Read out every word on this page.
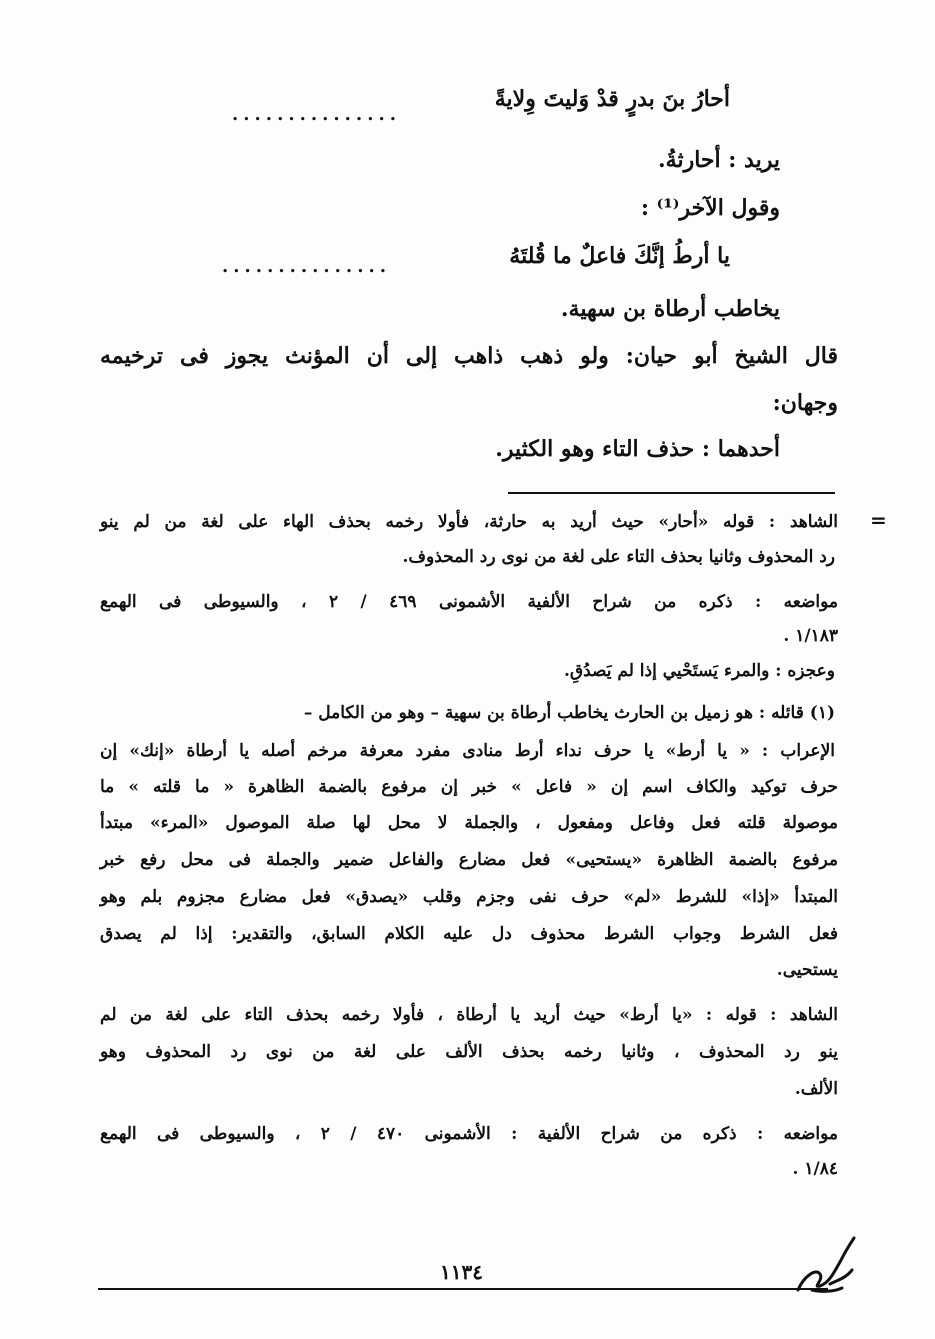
أحارُ بنَ بدرٍ قدْ وَليتَ وِلايةً
...............
يريد : أحارثةُ.
وقول الآخر⁽¹⁾ :
يا أرطُ إنَّكَ فاعلٌ ما قُلتَهُ
...............
يخاطب أرطاة بن سهية.
قال الشيخ أبو حيان: ولو ذهب ذاهب إلى أن المؤنث يجوز فى ترخيمه
وجهان:
أحدهما : حذف التاء وهو الكثير.
=
الشاهد : قوله «أحار» حيث أريد به حارثة، فأولا رخمه بحذف الهاء على لغة من لم ينو
رد المحذوف وثانيا بحذف التاء على لغة من نوى رد المحذوف.
مواضعه : ذكره من شراح الألفية الأشمونى ٤٦٩ / ٢ ، والسيوطى فى الهمع
١/١٨٣ .
وعجزه : والمرء يَستَحْيي إذا لم يَصدُقِ.
(١) قائله : هو زميل بن الحارث يخاطب أرطاة بن سهية – وهو من الكامل –
الإعراب : « يا أرط» يا حرف نداء أرط منادى مفرد معرفة مرخم أصله يا أرطاة «إنك» إن
حرف توكيد والكاف اسم إن « فاعل » خبر إن مرفوع بالضمة الظاهرة « ما قلته » ما
موصولة قلته فعل وفاعل ومفعول ، والجملة لا محل لها صلة الموصول «المرء» مبتدأ
مرفوع بالضمة الظاهرة «يستحيى» فعل مضارع والفاعل ضمير والجملة فى محل رفع خبر
المبتدأ «إذا» للشرط «لم» حرف نفى وجزم وقلب «يصدق» فعل مضارع مجزوم بلم وهو
فعل الشرط وجواب الشرط محذوف دل عليه الكلام السابق، والتقدير: إذا لم يصدق
يستحيى.
الشاهد : قوله : «يا أرط» حيث أريد يا أرطاة ، فأولا رخمه بحذف التاء على لغة من لم
ينو رد المحذوف ، وثانيا رخمه بحذف الألف على لغة من نوى رد المحذوف وهو
الألف.
مواضعه : ذكره من شراح الألفية : الأشمونى ٤٧٠ / ٢ ، والسيوطى فى الهمع
١/٨٤ .
١١٣٤
